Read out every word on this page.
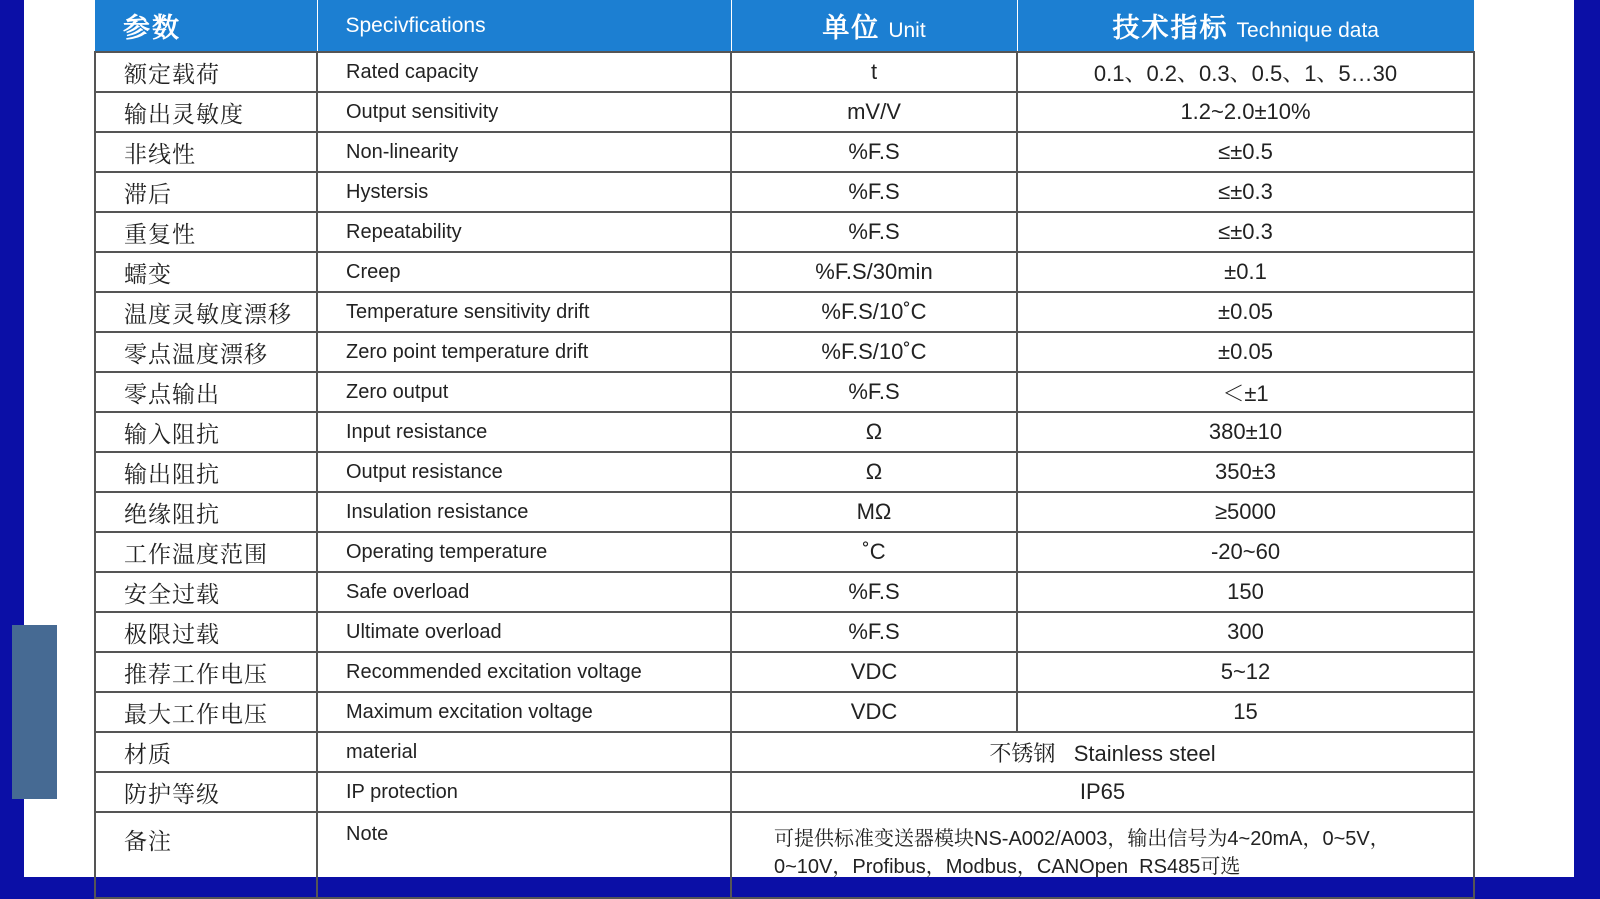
参数	Specivfications	单位 Unit	技术指标 Technique data
额定载荷	Rated capacity	t	0.1、0.2、0.3、0.5、1、5…30
输出灵敏度	Output sensitivity	mV/V	1.2~2.0±10%
非线性	Non-linearity	%F.S	≤±0.5
滞后	Hystersis	%F.S	≤±0.3
重复性	Repeatability	%F.S	≤±0.3
蠕变	Creep	%F.S/30min	±0.1
温度灵敏度漂移	Temperature sensitivity drift	%F.S/10˚C	±0.05
零点温度漂移	Zero point temperature drift	%F.S/10˚C	±0.05
零点输出	Zero output	%F.S	＜±1
输入阻抗	Input resistance	Ω	380±10
输出阻抗	Output resistance	Ω	350±3
绝缘阻抗	Insulation resistance	MΩ	≥5000
工作温度范围	Operating temperature	˚C	-20~60
安全过载	Safe overload	%F.S	150
极限过载	Ultimate overload	%F.S	300
推荐工作电压	Recommended excitation voltage	VDC	5~12
最大工作电压	Maximum excitation voltage	VDC	15
材质	material	不锈钢   Stainless steel	
防护等级	IP protection	IP65	
备注	Note	可提供标准变送器模块NS-A002/A003，输出信号为4~20mA，0~5V，
0~10V，Profibus，Modbus，CANOpen  RS485可选	
